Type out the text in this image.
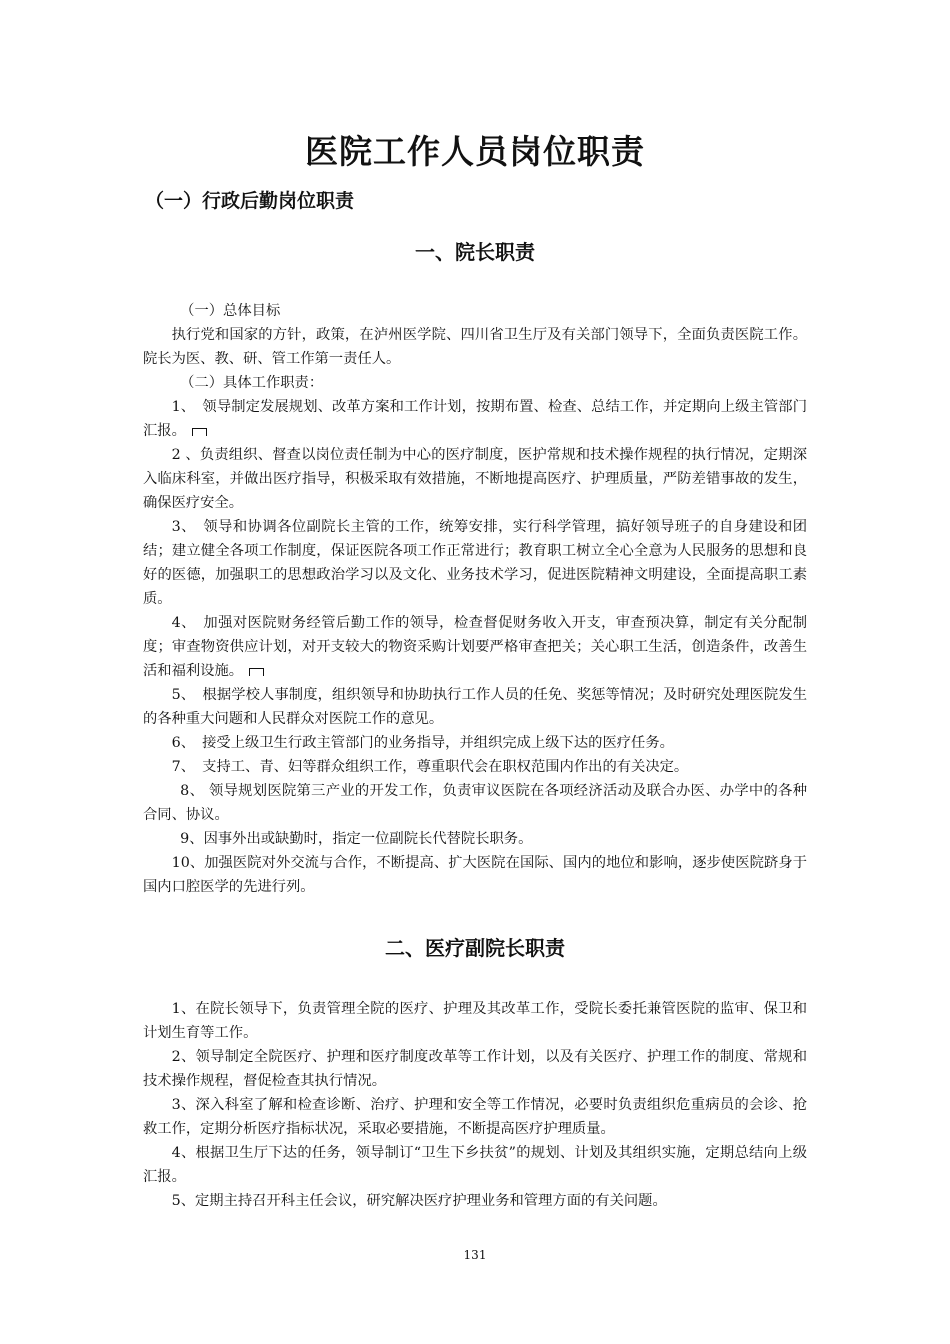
医院工作人员岗位职责
（一）行政后勤岗位职责
一、院长职责

（一）总体目标

执行党和国家的方针，政策，在泸州医学院、四川省卫生厅及有关部门领导下，全面负责医院工作。院长为医、教、研、管工作第一责任人。

（二）具体工作职责：

1、　领导制定发展规划、改革方案和工作计划，按期布置、检查、总结工作，并定期向上级主管部门汇报。

2 、负责组织、督查以岗位责任制为中心的医疗制度，医护常规和技术操作规程的执行情况，定期深入临床科室，并做出医疗指导，积极采取有效措施，不断地提高医疗、护理质量，严防差错事故的发生，确保医疗安全。

3、　领导和协调各位副院长主管的工作，统筹安排，实行科学管理，搞好领导班子的自身建设和团结；建立健全各项工作制度，保证医院各项工作正常进行；教育职工树立全心全意为人民服务的思想和良好的医德，加强职工的思想政治学习以及文化、业务技术学习，促进医院精神文明建设，全面提高职工素质。

4、　加强对医院财务经管后勤工作的领导，检查督促财务收入开支，审查预决算，制定有关分配制度；审查物资供应计划，对开支较大的物资采购计划要严格审查把关；关心职工生活，创造条件，改善生活和福利设施。

5、　根据学校人事制度，组织领导和协助执行工作人员的任免、奖惩等情况；及时研究处理医院发生的各种重大问题和人民群众对医院工作的意见。

6、　接受上级卫生行政主管部门的业务指导，并组织完成上级下达的医疗任务。

7、　支持工、青、妇等群众组织工作，尊重职代会在职权范围内作出的有关决定。

8、 领导规划医院第三产业的开发工作，负责审议医院在各项经济活动及联合办医、办学中的各种合同、协议。

9、因事外出或缺勤时，指定一位副院长代替院长职务。

10、加强医院对外交流与合作，不断提高、扩大医院在国际、国内的地位和影响，逐步使医院跻身于国内口腔医学的先进行列。

二、医疗副院长职责

1、在院长领导下，负责管理全院的医疗、护理及其改革工作，受院长委托兼管医院的监审、保卫和计划生育等工作。

2、领导制定全院医疗、护理和医疗制度改革等工作计划，以及有关医疗、护理工作的制度、常规和技术操作规程，督促检查其执行情况。

3、深入科室了解和检查诊断、治疗、护理和安全等工作情况，必要时负责组织危重病员的会诊、抢救工作，定期分析医疗指标状况，采取必要措施，不断提高医疗护理质量。

4、根据卫生厅下达的任务，领导制订“卫生下乡扶贫”的规划、计划及其组织实施，定期总结向上级汇报。

5、定期主持召开科主任会议，研究解决医疗护理业务和管理方面的有关问题。

131
